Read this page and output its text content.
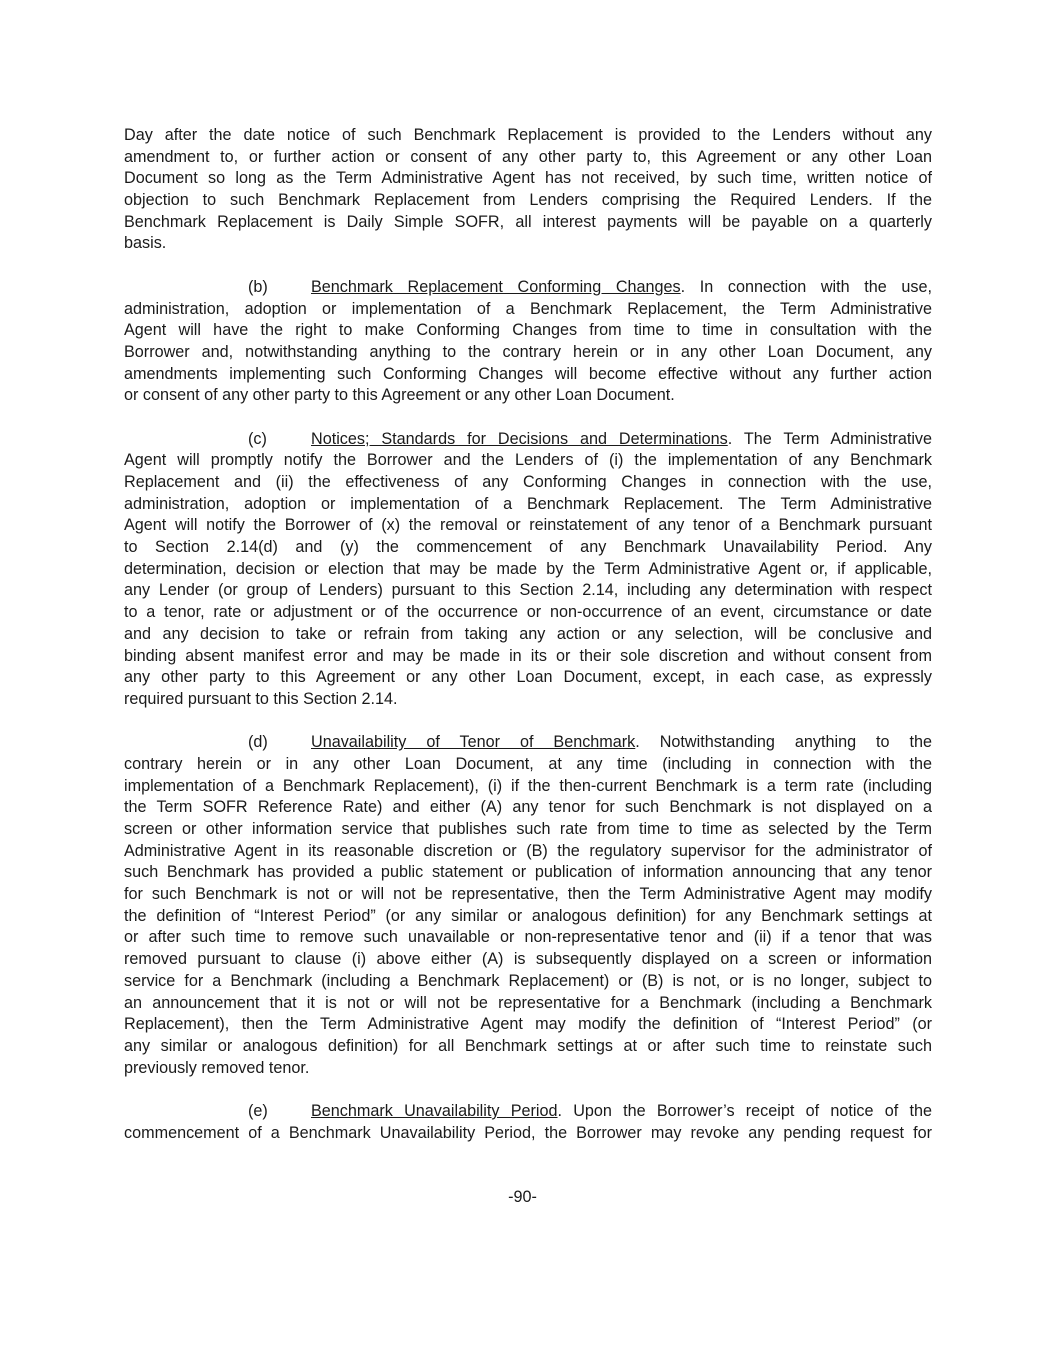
Day after the date notice of such Benchmark Replacement is provided to the Lenders without any
amendment to, or further action or consent of any other party to, this Agreement or any other Loan
Document so long as the Term Administrative Agent has not received, by such time, written notice of
objection to such Benchmark Replacement from Lenders comprising the Required Lenders. If the
Benchmark Replacement is Daily Simple SOFR, all interest payments will be payable on a quarterly
basis.
(b)	Benchmark Replacement Conforming Changes. In connection with the use,
administration, adoption or implementation of a Benchmark Replacement, the Term Administrative
Agent will have the right to make Conforming Changes from time to time in consultation with the
Borrower and, notwithstanding anything to the contrary herein or in any other Loan Document, any
amendments implementing such Conforming Changes will become effective without any further action
or consent of any other party to this Agreement or any other Loan Document.
(c)	Notices; Standards for Decisions and Determinations. The Term Administrative
Agent will promptly notify the Borrower and the Lenders of (i) the implementation of any Benchmark
Replacement and (ii) the effectiveness of any Conforming Changes in connection with the use,
administration, adoption or implementation of a Benchmark Replacement. The Term Administrative
Agent will notify the Borrower of (x) the removal or reinstatement of any tenor of a Benchmark pursuant
to Section 2.14(d) and (y) the commencement of any Benchmark Unavailability Period. Any
determination, decision or election that may be made by the Term Administrative Agent or, if applicable,
any Lender (or group of Lenders) pursuant to this Section 2.14, including any determination with respect
to a tenor, rate or adjustment or of the occurrence or non-occurrence of an event, circumstance or date
and any decision to take or refrain from taking any action or any selection, will be conclusive and
binding absent manifest error and may be made in its or their sole discretion and without consent from
any other party to this Agreement or any other Loan Document, except, in each case, as expressly
required pursuant to this Section 2.14.
(d)	Unavailability of Tenor of Benchmark. Notwithstanding anything to the
contrary herein or in any other Loan Document, at any time (including in connection with the
implementation of a Benchmark Replacement), (i) if the then-current Benchmark is a term rate (including
the Term SOFR Reference Rate) and either (A) any tenor for such Benchmark is not displayed on a
screen or other information service that publishes such rate from time to time as selected by the Term
Administrative Agent in its reasonable discretion or (B) the regulatory supervisor for the administrator of
such Benchmark has provided a public statement or publication of information announcing that any tenor
for such Benchmark is not or will not be representative, then the Term Administrative Agent may modify
the definition of “Interest Period” (or any similar or analogous definition) for any Benchmark settings at
or after such time to remove such unavailable or non-representative tenor and (ii) if a tenor that was
removed pursuant to clause (i) above either (A) is subsequently displayed on a screen or information
service for a Benchmark (including a Benchmark Replacement) or (B) is not, or is no longer, subject to
an announcement that it is not or will not be representative for a Benchmark (including a Benchmark
Replacement), then the Term Administrative Agent may modify the definition of “Interest Period” (or
any similar or analogous definition) for all Benchmark settings at or after such time to reinstate such
previously removed tenor.
(e)	Benchmark Unavailability Period. Upon the Borrower’s receipt of notice of the
commencement of a Benchmark Unavailability Period, the Borrower may revoke any pending request for
-90-
